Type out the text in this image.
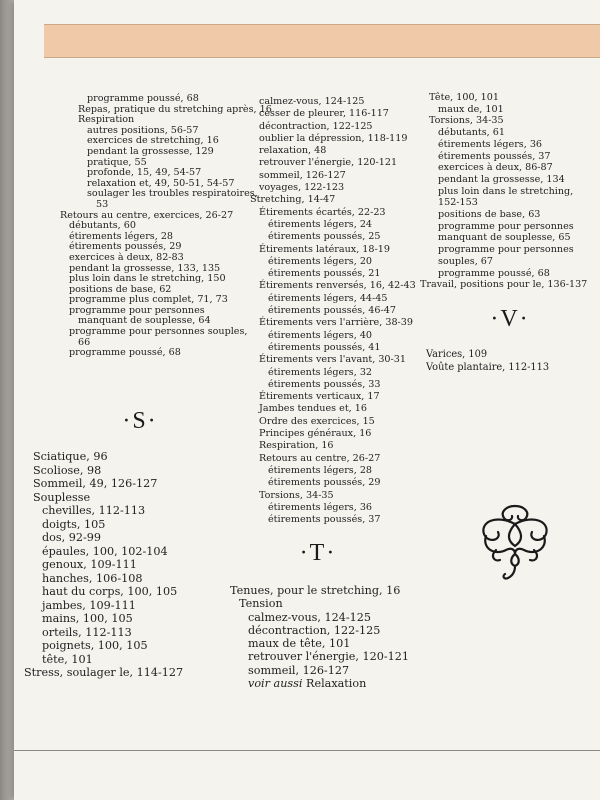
programme poussé, 68
Repas, pratique du stretching après, 16
Respiration
autres positions, 56-57
exercices de stretching, 16
pendant la grossesse, 129
pratique, 55
profonde, 15, 49, 54-57
relaxation et, 49, 50-51, 54-57
soulager les troubles respiratoires,
53
Retours au centre, exercices, 26-27
débutants, 60
étirements légers, 28
étirements poussés, 29
exercices à deux, 82-83
pendant la grossesse, 133, 135
plus loin dans le stretching, 150
positions de base, 62
programme plus complet, 71, 73
programme pour personnes
manquant de souplesse, 64
programme pour personnes souples,
66
programme poussé, 68
·S·
Sciatique, 96
Scoliose, 98
Sommeil, 49, 126-127
Souplesse
chevilles, 112-113
doigts, 105
dos, 92-99
épaules, 100, 102-104
genoux, 109-111
hanches, 106-108
haut du corps, 100, 105
jambes, 109-111
mains, 100, 105
orteils, 112-113
poignets, 100, 105
tête, 101
Stress, soulager le, 114-127
calmez-vous, 124-125
cesser de pleurer, 116-117
décontraction, 122-125
oublier la dépression, 118-119
relaxation, 48
retrouver l'énergie, 120-121
sommeil, 126-127
voyages, 122-123
Stretching, 14-47
Étirements écartés, 22-23
étirements légers, 24
étirements poussés, 25
Étirements latéraux, 18-19
étirements légers, 20
étirements poussés, 21
Étirements renversés, 16, 42-43
étirements légers, 44-45
étirements poussés, 46-47
Étirements vers l'arrière, 38-39
étirements légers, 40
étirements poussés, 41
Étirements vers l'avant, 30-31
étirements légers, 32
étirements poussés, 33
Étirements verticaux, 17
Jambes tendues et, 16
Ordre des exercices, 15
Principes généraux, 16
Respiration, 16
Retours au centre, 26-27
étirements légers, 28
étirements poussés, 29
Torsions, 34-35
étirements légers, 36
étirements poussés, 37
·T·
Tenues, pour le stretching, 16
Tension
calmez-vous, 124-125
décontraction, 122-125
maux de tête, 101
retrouver l'énergie, 120-121
sommeil, 126-127
voir aussi Relaxation
Tête, 100, 101
maux de, 101
Torsions, 34-35
débutants, 61
étirements légers, 36
étirements poussés, 37
exercices à deux, 86-87
pendant la grossesse, 134
plus loin dans le stretching,
152-153
positions de base, 63
programme pour personnes
manquant de souplesse, 65
programme pour personnes
souples, 67
programme poussé, 68
Travail, positions pour le, 136-137
·V·
Varices, 109
Voûte plantaire, 112-113
